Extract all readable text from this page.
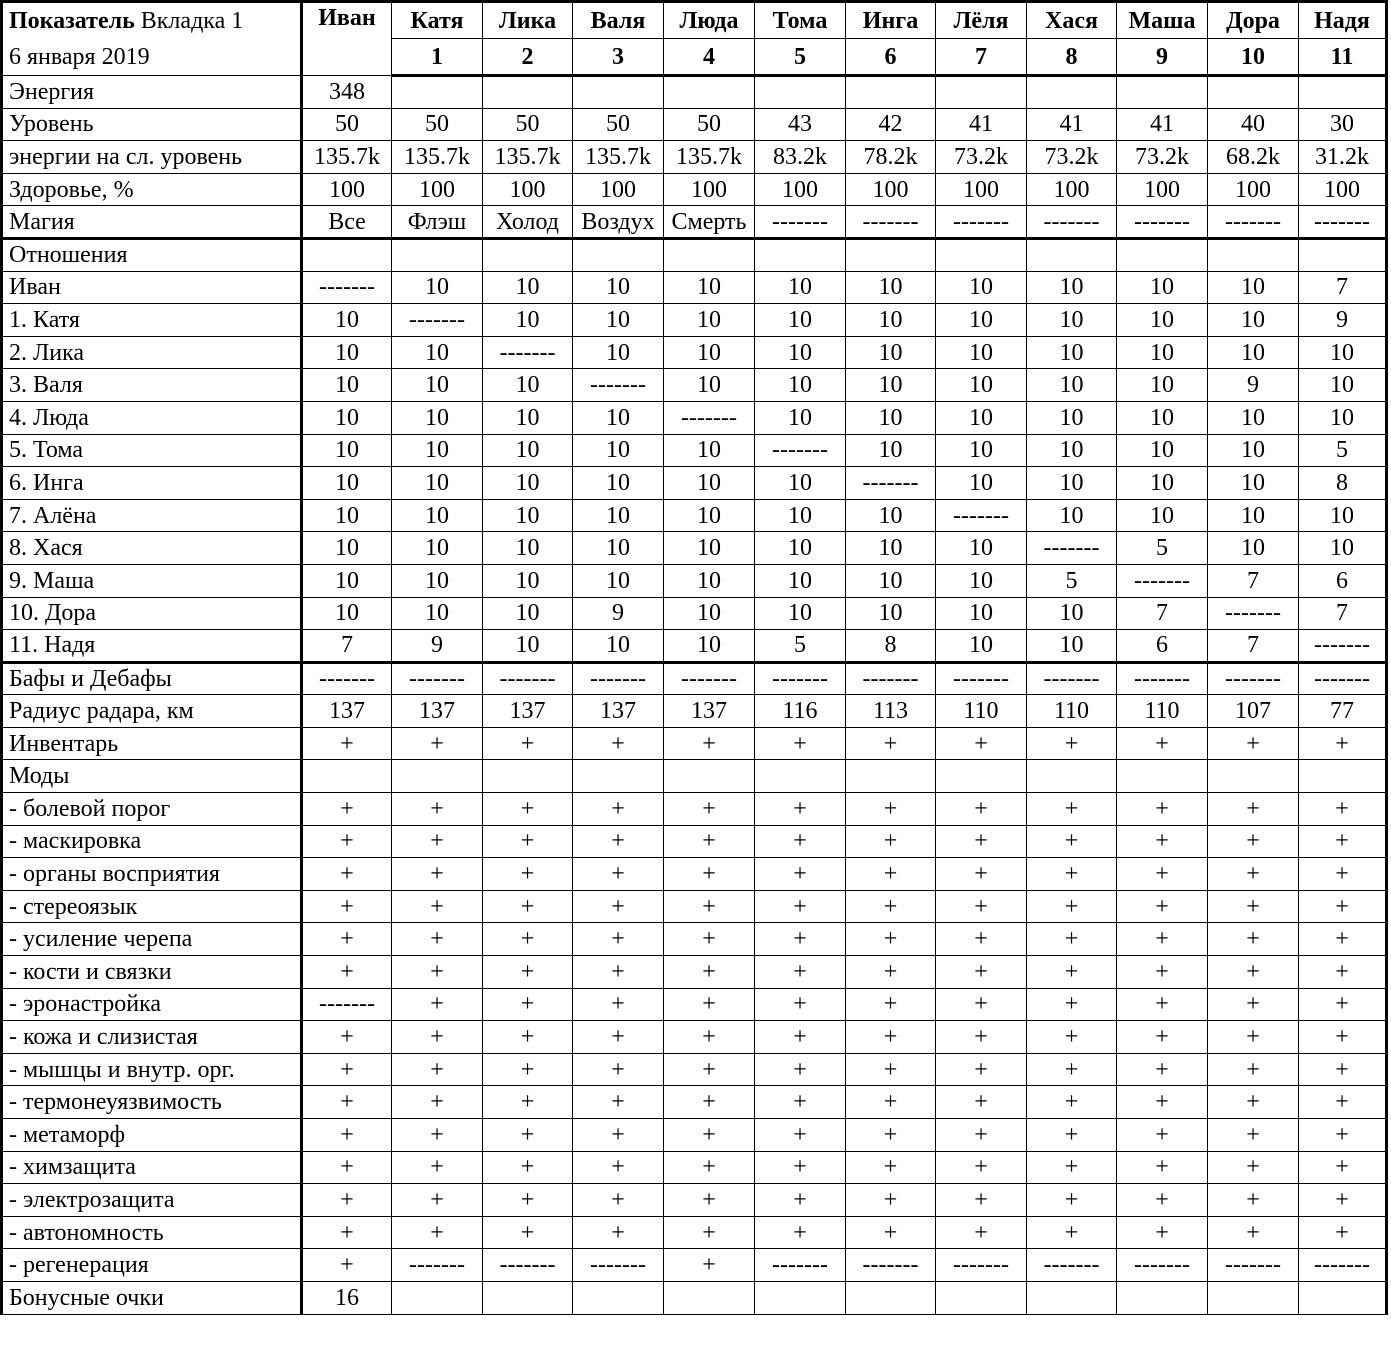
Показатель Вкладка 1
6 января 2019	Иван	Катя	Лика	Валя	Люда	Тома	Инга	Лёля	Хася	Маша	Дора	Надя
		1	2	3	4	5	6	7	8	9	10	11
Энергия	348											
Уровень	50	50	50	50	50	43	42	41	41	41	40	30
энергии на сл. уровень	135.7k	135.7k	135.7k	135.7k	135.7k	83.2k	78.2k	73.2k	73.2k	73.2k	68.2k	31.2k
Здоровье, %	100	100	100	100	100	100	100	100	100	100	100	100
Магия	Все	Флэш	Холод	Воздух	Смерть	-------	-------	-------	-------	-------	-------	-------
Отношения												
Иван	-------	10	10	10	10	10	10	10	10	10	10	7
1. Катя	10	-------	10	10	10	10	10	10	10	10	10	9
2. Лика	10	10	-------	10	10	10	10	10	10	10	10	10
3. Валя	10	10	10	-------	10	10	10	10	10	10	9	10
4. Люда	10	10	10	10	-------	10	10	10	10	10	10	10
5. Тома	10	10	10	10	10	-------	10	10	10	10	10	5
6. Инга	10	10	10	10	10	10	-------	10	10	10	10	8
7. Алёна	10	10	10	10	10	10	10	-------	10	10	10	10
8. Хася	10	10	10	10	10	10	10	10	-------	5	10	10
9. Маша	10	10	10	10	10	10	10	10	5	-------	7	6
10. Дора	10	10	10	9	10	10	10	10	10	7	-------	7
11. Надя	7	9	10	10	10	5	8	10	10	6	7	-------
Бафы и Дебафы	-------	-------	-------	-------	-------	-------	-------	-------	-------	-------	-------	-------
Радиус радара, км	137	137	137	137	137	116	113	110	110	110	107	77
Инвентарь	+	+	+	+	+	+	+	+	+	+	+	+
Моды												
- болевой порог	+	+	+	+	+	+	+	+	+	+	+	+
- маскировка	+	+	+	+	+	+	+	+	+	+	+	+
- органы восприятия	+	+	+	+	+	+	+	+	+	+	+	+
- стереоязык	+	+	+	+	+	+	+	+	+	+	+	+
- усиление черепа	+	+	+	+	+	+	+	+	+	+	+	+
- кости и связки	+	+	+	+	+	+	+	+	+	+	+	+
- эронастройка	-------	+	+	+	+	+	+	+	+	+	+	+
- кожа и слизистая	+	+	+	+	+	+	+	+	+	+	+	+
- мышцы и внутр. орг.	+	+	+	+	+	+	+	+	+	+	+	+
- термонеуязвимость	+	+	+	+	+	+	+	+	+	+	+	+
- метаморф	+	+	+	+	+	+	+	+	+	+	+	+
- химзащита	+	+	+	+	+	+	+	+	+	+	+	+
- электрозащита	+	+	+	+	+	+	+	+	+	+	+	+
- автономность	+	+	+	+	+	+	+	+	+	+	+	+
- регенерация	+	-------	-------	-------	+	-------	-------	-------	-------	-------	-------	-------
Бонусные очки	16											
